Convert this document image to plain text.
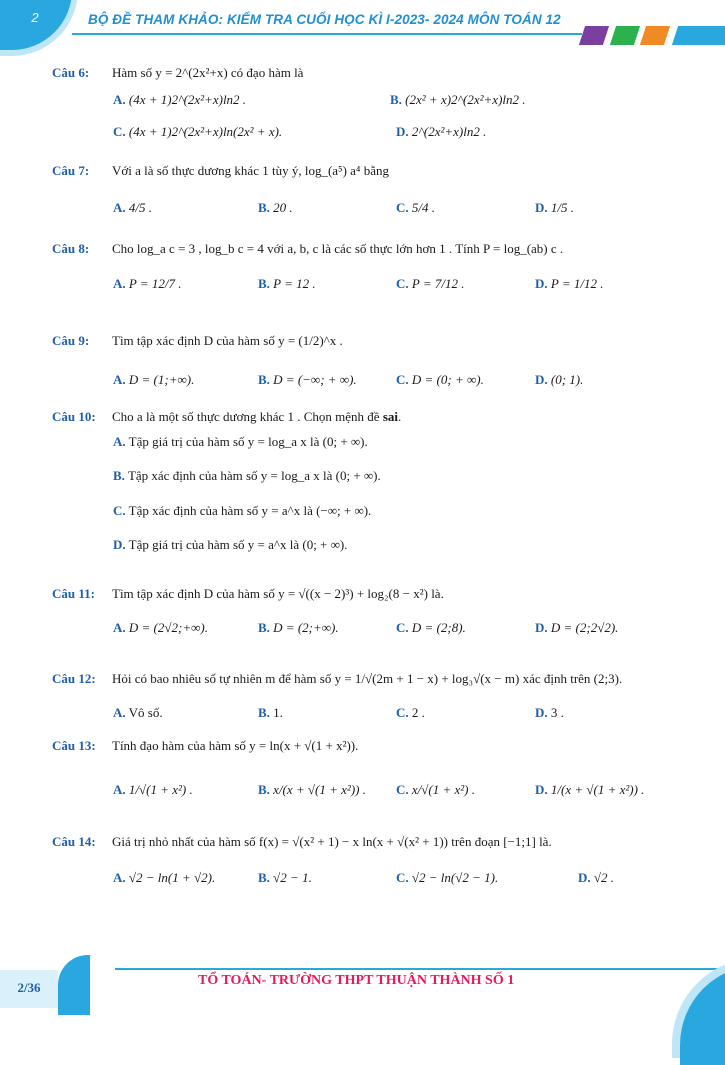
2	BỘ ĐỀ THAM KHẢO: KIỂM TRA CUỐI HỌC KÌ I-2023- 2024 MÔN TOÁN 12
Câu 6: Hàm số y = 2^(2x²+x) có đạo hàm là
A. (4x + 1)2^(2x²+x)ln2 .	B. (2x² + x)2^(2x²+x)ln2 .
C. (4x + 1)2^(2x²+x)ln(2x² + x).	D. 2^(2x²+x)ln2 .
Câu 7: Với a là số thực dương khác 1 tùy ý, log_(a⁵) a⁴ bằng
A. 4/5 .	B. 20 .	C. 5/4 .	D. 1/5 .
Câu 8: Cho log_a c = 3 , log_b c = 4 với a, b, c là các số thực lớn hơn 1 . Tính P = log_(ab) c .
A. P = 12/7 .	B. P = 12 .	C. P = 7/12 .	D. P = 1/12 .
Câu 9: Tìm tập xác định D của hàm số y = (1/2)^x .
A. D = (1;+∞).	B. D = (−∞; + ∞).	C. D = (0; + ∞).	D. (0; 1).
Câu 10: Cho a là một số thực dương khác 1 . Chọn mệnh đề sai.
A. Tập giá trị của hàm số y = log_a x là (0; + ∞).
B. Tập xác định của hàm số y = log_a x là (0; + ∞).
C. Tập xác định của hàm số y = a^x là (−∞; + ∞).
D. Tập giá trị của hàm số y = a^x là (0; + ∞).
Câu 11: Tìm tập xác định D của hàm số y = √((x − 2)³) + log₂(8 − x²) là.
A. D = (2√2;+∞).	B. D = (2;+∞).	C. D = (2;8).	D. D = (2;2√2).
Câu 12: Hỏi có bao nhiêu số tự nhiên m để hàm số y = 1/√(2m + 1 − x) + log₃√(x − m) xác định trên (2;3).
A. Vô số.	B. 1.	C. 2 .	D. 3 .
Câu 13: Tính đạo hàm của hàm số y = ln(x + √(1 + x²)).
A. 1/√(1 + x²) .	B. x/(x + √(1 + x²)) . C. x/√(1 + x²) .	D. 1/(x + √(1 + x²)) .
Câu 14: Giá trị nhỏ nhất của hàm số f(x) = √(x² + 1) − x ln(x + √(x² + 1)) trên đoạn [−1;1] là.
A. √2 − ln(1 + √2).	B. √2 − 1.	C. √2 − ln(√2 − 1).	D. √2 .
2/36	TỔ TOÁN- TRƯỜNG THPT THUẬN THÀNH SỐ 1
